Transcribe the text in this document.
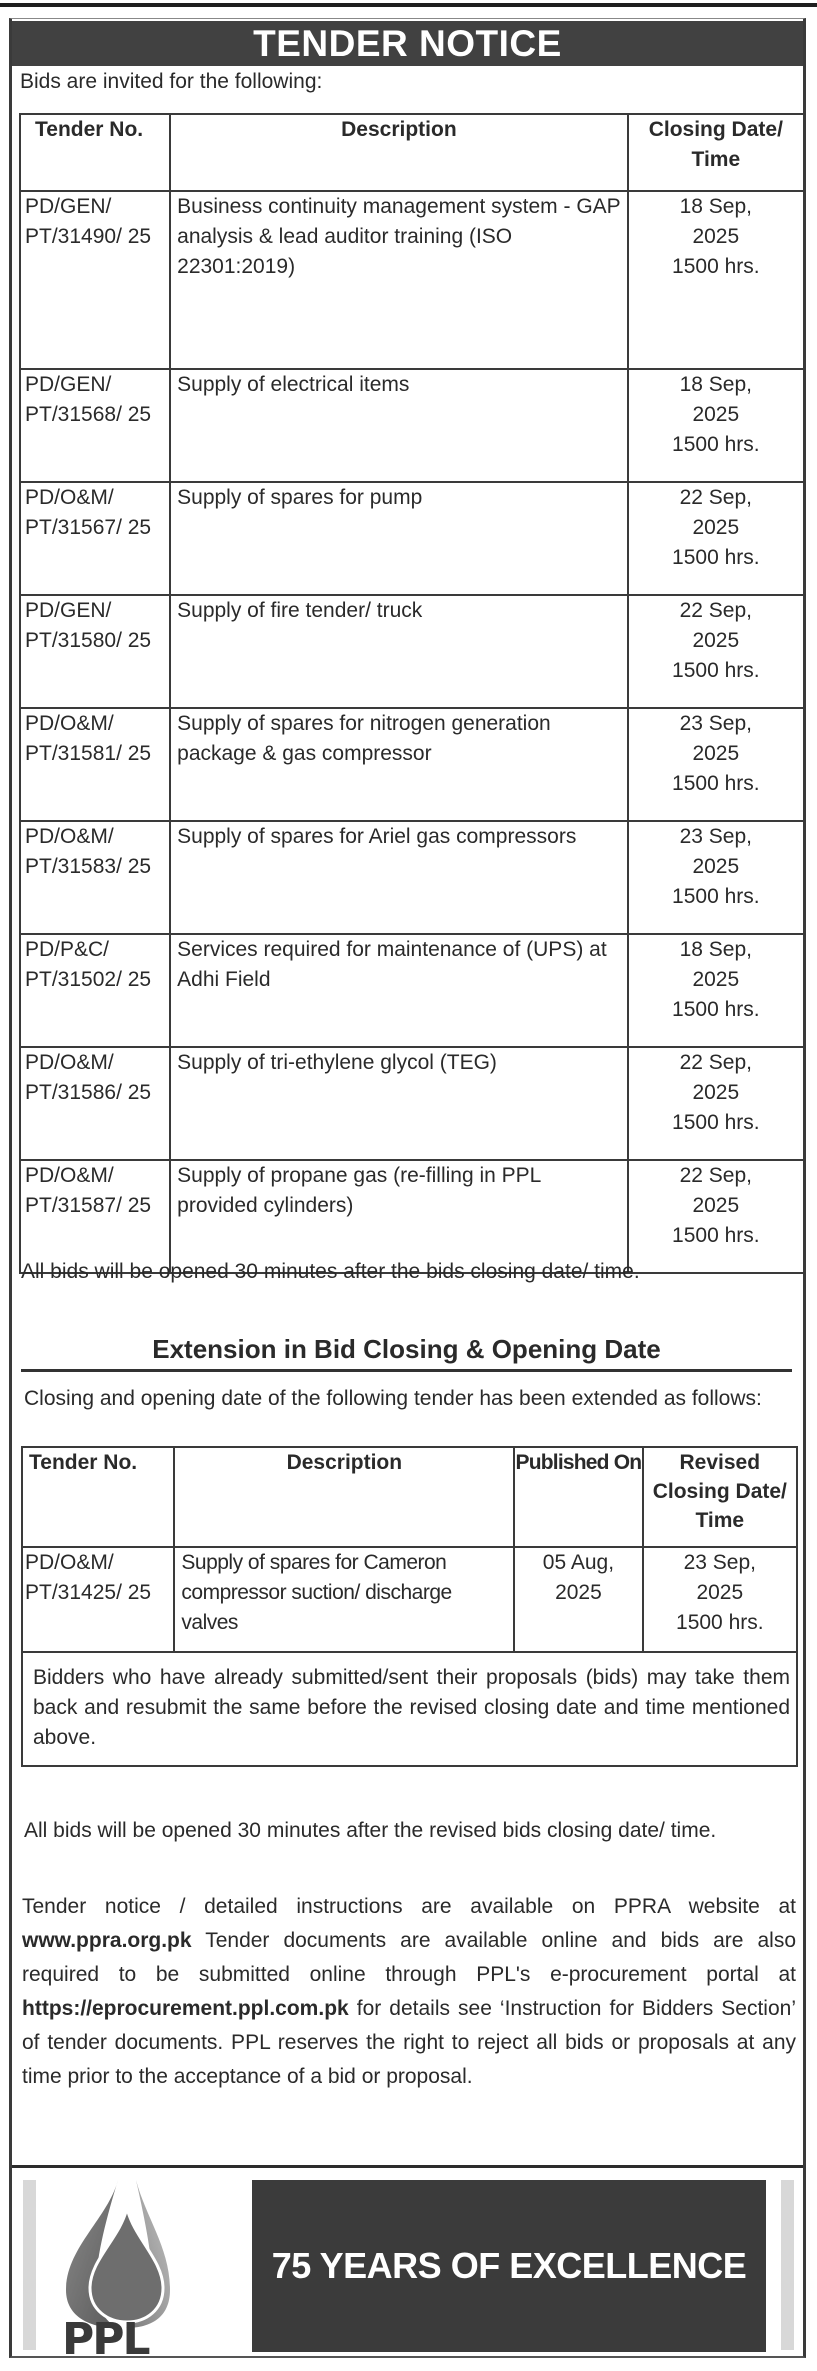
TENDER NOTICE
Bids are invited for the following:
Tender No.	Description	Closing Date/ Time
PD/GEN/ PT/31490/ 25	Business continuity management system - GAP analysis & lead auditor training (ISO 22301:2019)	18 Sep, 2025
1500 hrs.

PD/GEN/ PT/31568/ 25	Supply of electrical items	18 Sep, 2025
1500 hrs.

PD/O&M/ PT/31567/ 25	Supply of spares for pump	22 Sep, 2025
1500 hrs.

PD/GEN/ PT/31580/ 25	Supply of fire tender/ truck	22 Sep, 2025
1500 hrs.

PD/O&M/ PT/31581/ 25	Supply of spares for nitrogen generation package & gas compressor	23 Sep, 2025
1500 hrs.

PD/O&M/ PT/31583/ 25	Supply of spares for Ariel gas compressors	23 Sep, 2025
1500 hrs.

PD/P&C/ PT/31502/ 25	Services required for maintenance of (UPS) at Adhi Field	18 Sep, 2025
1500 hrs.

PD/O&M/ PT/31586/ 25	Supply of tri-ethylene glycol (TEG)	22 Sep, 2025
1500 hrs.

PD/O&M/ PT/31587/ 25	Supply of propane gas (re-filling in PPL provided cylinders)	22 Sep, 2025
1500 hrs.
All bids will be opened 30 minutes after the bids closing date/ time.
Extension in Bid Closing & Opening Date
Closing and opening date of the following tender has been extended as follows:
Tender No.	Description	Published On	Revised Closing Date/ Time
PD/O&M/ PT/31425/ 25	Supply of spares for Cameron compressor suction/ discharge valves	05 Aug, 2025	23 Sep, 2025
1500 hrs.

Bidders who have already submitted/sent their proposals (bids) may take them back and resubmit the same before the revised closing date and time mentioned above.			
All bids will be opened 30 minutes after the revised bids closing date/ time.
Tender notice / detailed instructions are available on PPRA website at www.ppra.org.pk Tender documents are available online and bids are also required to be submitted online through PPL's e-procurement portal at https://eprocurement.ppl.com.pk for details see ‘Instruction for Bidders Section’ of tender documents. PPL reserves the right to reject all bids or proposals at any time prior to the acceptance of a bid or proposal.
PPL
75 YEARS OF EXCELLENCE
